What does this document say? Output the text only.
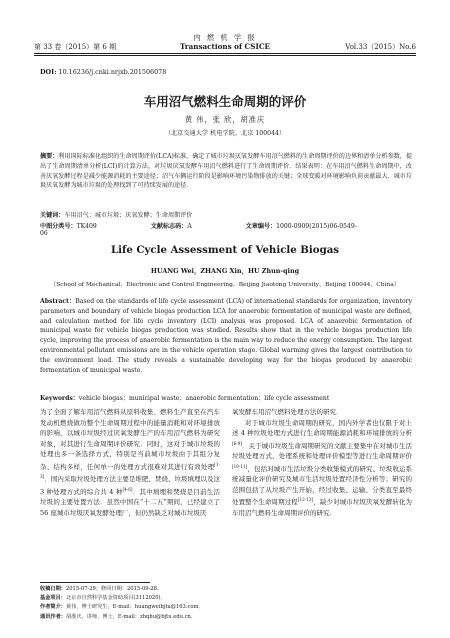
第 33 卷（2015）第 6 期
内 燃 机 学 报
Transactions of CSICE	Vol.33（2015）No.6
DOI: 10.16236/j.cnki.nrjxb.201506078
车用沼气燃料生命周期的评价
黄 伟，张 欣，胡准庆
（北京交通大学 机电学院，北京 100044）
摘要：利用国际标准化组织的生命周期评价(LCA)标准，确定了城市垃圾厌氧发酵车用沼气燃料的生命周期评价的边界和清单分析参数，提出了生命周期清单分析(LCI)的计算方法，对垃圾厌氧发酵车用沼气燃料进行了生命周期评价．结果表明：在车用沼气燃料生命周期中，改善厌氧发酵过程是减少能源消耗的主要途径；沼气车辆运行阶段是影响环境污染物排放的关键；全球变暖对环境影响负荷贡献最大．城市垃圾厌氧发酵为城市垃圾的处理找到了可持续发展的途径．
关键词：车用沼气；城市垃圾；厌氧发酵；生命周期评价
中图分类号：TK409	文献标志码：A	文章编号：1000-0909(2015)06-0549-06
Life Cycle Assessment of Vehicle Biogas
HUANG Wei，ZHANG Xin，HU Zhun-qing
（School of Mechanical，Electronic and Control Engineering，Beijing Jiaotong University，Beijing 100044，China）
Abstract：Based on the standards of life cycle assessment (LCA) of international standards for organization, inventory parameters and boundary of vehicle biogas production LCA for anaerobic fermentation of municipal waste are defined, and calculation method for life cycle inventory (LCI) analysis was proposed. LCA of anaerobic fermentation of municipal waste for vehicle biogas production was studied. Results show that in the vehicle biogas production life cycle, improving the process of anaerobic fermentation is the main way to reduce the energy consumption. The largest environmental pollutant emissions are in the vehicle operation stage. Global warming gives the largest contribution to the environment load. The study reveals a sustainable developing way for the biogas produced by anaerobic fermentation of municipal waste.
Keywords：vehicle biogas；municipal waste；anaerobic fermentation；life cycle assessment
为了全面了解车用沼气燃料从原料收集、燃料生产直至在汽车发动机燃烧做功整个生命周期过程中的能量消耗和对环境排放的影响，以城市垃圾经过厌氧发酵生产的车用沼气燃料为研究对象，对其进行生命周期评价研究．同时，这对于城市垃圾的处理也多一条选择方式，特别是当前城市垃圾由于其组分复杂、结构多样，任何单一的处理方式很难对其进行有效处理[1-3]．国内采取垃圾处理方法主要是堆肥、焚烧、垃圾填埋以及这 3 种处理方式的综合共 4 种[4-6]．其中填埋和焚烧是目前生活垃圾的主要处置方法．虽然中国在“十二五”期间，已经建立了 56 座城市垃圾厌氧发酵处理厂，但仍然缺乏对城市垃圾厌
氧发酵车用沼气燃料处理方法的研究．
对于城市垃圾生命周期的研究，国内外学者也仅限于对上述 4 种垃圾处理方式进行生命周期能源消耗和环境排放的分析[6-9]．关于城市垃圾生命周期研究的文献主要集中在对城市生活垃圾处理方式、处理系统和处理评价模型等进行生命周期评价[10-11]，包括对城市生活垃圾分类收集模式的研究、垃圾收运系统减量化评价研究及城市生活垃圾处置经济性分析等；研究的范围包括了从垃圾产生开始，经过收集、运输、分类直至最终处置整个生命周期过程[12-13]，缺少对城市垃圾厌氧发酵转化为车用沼气燃料生命周期评价的研究．
收稿日期：2015-07-29；修回日期：2015-09-28．
基金项目：北京市自然科学基金资助项目(3112020)．
作者简介：黄伟，博士研究生，E-mail：huangweibjtu@163.com．
通讯作者：胡准庆，讲师，博士，E-mail：zhqhu@bjtu.edu.cn．
